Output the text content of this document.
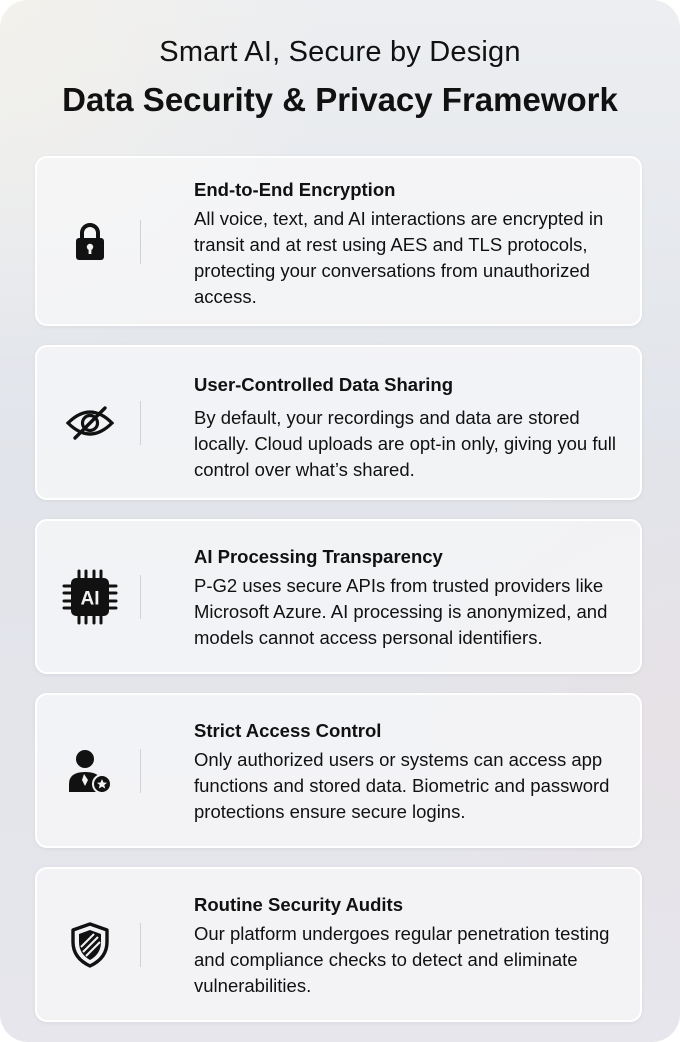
Smart AI, Secure by Design
Data Security & Privacy Framework
End-to-End Encryption
All voice, text, and AI interactions are encrypted in transit and at rest using AES and TLS protocols, protecting your conversations from unauthorized access.
User-Controlled Data Sharing
By default, your recordings and data are stored locally. Cloud uploads are opt-in only, giving you full control over what’s shared.
AI
AI Processing Transparency
P-G2 uses secure APIs from trusted providers like Microsoft Azure. AI processing is anonymized, and models cannot access personal identifiers.
Strict Access Control
Only authorized users or systems can access app functions and stored data. Biometric and password protections ensure secure logins.
Routine Security Audits
Our platform undergoes regular penetration testing and compliance checks to detect and eliminate vulnerabilities.
